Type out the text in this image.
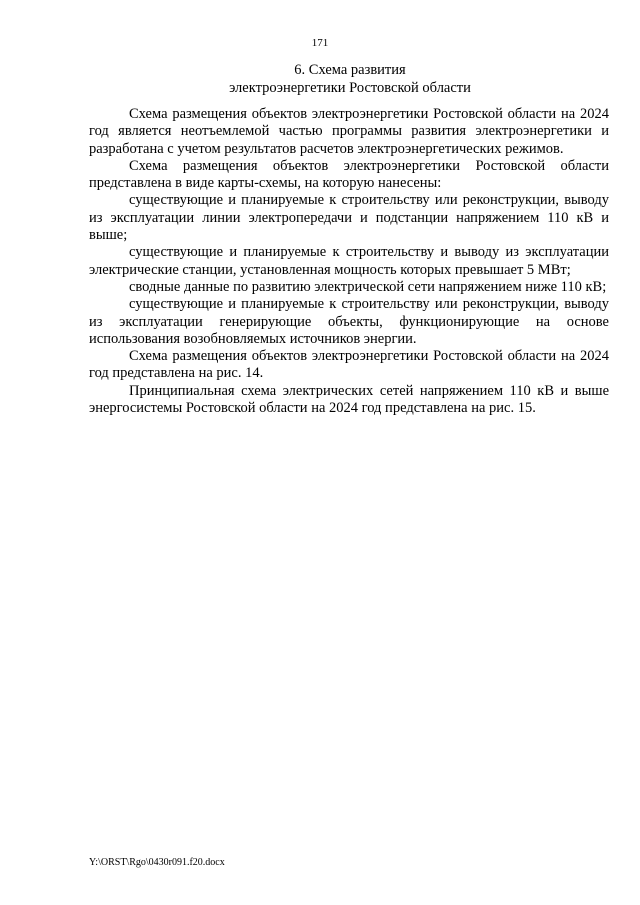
171
6. Схема развития
электроэнергетики Ростовской области

Схема размещения объектов электроэнергетики Ростовской области на 2024 год является неотъемлемой частью программы развития электроэнергетики и разработана с учетом результатов расчетов электроэнергетических режимов.

Схема размещения объектов электроэнергетики Ростовской области представлена в виде карты-схемы, на которую нанесены:

существующие и планируемые к строительству или реконструкции, выводу из эксплуатации линии электропередачи и подстанции напряжением 110 кВ и выше;

существующие и планируемые к строительству и выводу из эксплуатации электрические станции, установленная мощность которых превышает 5 МВт;

сводные данные по развитию электрической сети напряжением ниже 110 кВ;

существующие и планируемые к строительству или реконструкции, выводу из эксплуатации генерирующие объекты, функционирующие на основе использования возобновляемых источников энергии.

Схема размещения объектов электроэнергетики Ростовской области на 2024 год представлена на рис. 14.

Принципиальная схема электрических сетей напряжением 110 кВ и выше энергосистемы Ростовской области на 2024 год представлена на рис. 15.

Y:\ORST\Rgo\0430r091.f20.docx
